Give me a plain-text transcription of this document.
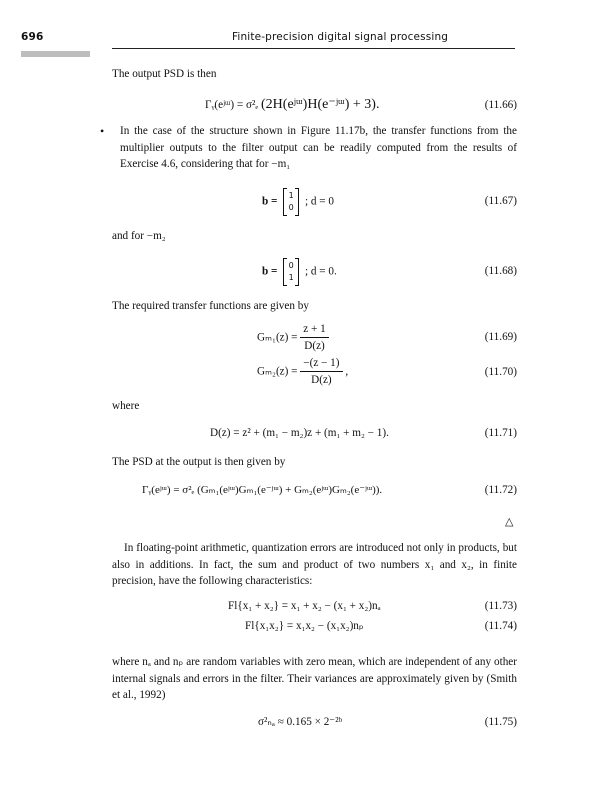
696	Finite-precision digital signal processing
The output PSD is then
Γᵧ(eʲᵚ) = σ²ₑ (2H(eʲᵚ)H(e⁻ʲᵚ) + 3).	(11.66)
• In the case of the structure shown in Figure 11.17b, the transfer functions from the multiplier outputs to the filter output can be readily computed from the results of Exercise 4.6, considering that for −m₁
b =
1
0	; d = 0	(11.67)
and for −m₂
b =
0
1	; d = 0.	(11.68)
The required transfer functions are given by
$G_{m1}(z) = \frac{z + 1}{D(z)}$	(11.69)
$G_{m2}(z) = \frac{-(z - 1)}{D(z)}$ ,	(11.70)
where
D(z) = z² + (m₁ − m₂)z + (m₁ + m₂ − 1).	(11.71)
The PSD at the output is then given by
Γᵧ(eʲᵚ) = σ²ₑ (Gₘ₁(eʲᵚ)Gₘ₁(e⁻ʲᵚ) + Gₘ₂(eʲᵚ)Gₘ₂(e⁻ʲᵚ)).	(11.72)
△
In floating-point arithmetic, quantization errors are introduced not only in products, but also in additions. In fact, the sum and product of two numbers x₁ and x₂, in finite precision, have the following characteristics:
Fl{x₁ + x₂} = x₁ + x₂ − (x₁ + x₂)nₐ	(11.73)
Fl{x₁x₂} = x₁x₂ − (x₁x₂)nₚ	(11.74)
where nₐ and nₚ are random variables with zero mean, which are independent of any other internal signals and errors in the filter. Their variances are approximately given by (Smith et al., 1992)
σ²ₙₐ ≈ 0.165 × 2⁻²ᵇ	(11.75)
